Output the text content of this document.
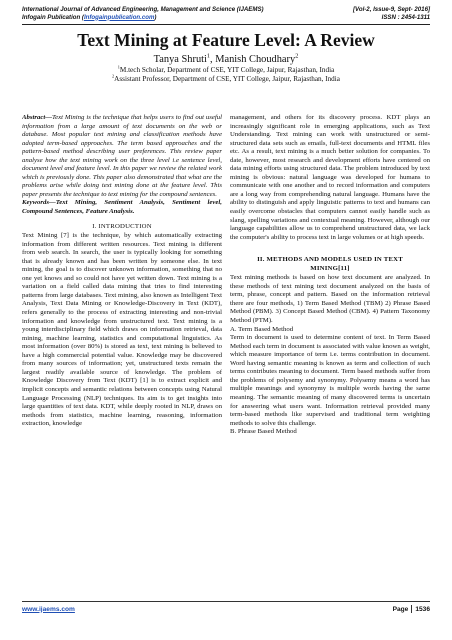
International Journal of Advanced Engineering, Management and Science (IJAEMS)	[Vol-2, Issue-9, Sept- 2016]
Infogain Publication (Infogainpublication.com)	ISSN : 2454-1311
Text Mining at Feature Level: A Review
Tanya Shruti$^1$, Manish Choudhary$^2$
$^1$M.tech Scholar, Department of CSE, YIT College, Jaipur, Rajasthan, India
$^2$Assistant Professor, Department of CSE, YIT College, Jaipur, Rajasthan, India

Abstract—Text Mining is the technique that helps users to find out useful information from a large amount of text documents on the web or database. Most popular text mining and classification methods have adopted term-based approaches. The term based approaches and the pattern-based method describing user preferences. This review paper analyse how the text mining work on the three level i.e sentence level, document level and feature level. In this paper we review the related work which is previously done. This paper also demonstrated that what are the problems arise while doing text mining done at the feature level. This paper presents the technique to text mining for the compound sentences.

Keywords—Text Mining, Sentiment Analysis, Sentiment level, Compound Sentences, Feature Analysis.

I. INTRODUCTION

Text Mining [7] is the technique, by which automatically extracting information from different written resources. Text mining is different from web search. In search, the user is typically looking for something that is already known and has been written by someone else. In text mining, the goal is to discover unknown information, something that no one yet knows and so could not have yet written down. Text mining is a variation on a field called data mining that tries to find interesting patterns from large databases. Text mining, also known as Intelligent Text Analysis, Text Data Mining or Knowledge-Discovery in Text (KDT), refers generally to the process of extracting interesting and non-trivial information and knowledge from unstructured text. Text mining is a young interdisciplinary field which draws on information retrieval, data mining, machine learning, statistics and computational linguistics. As most information (over 80%) is stored as text, text mining is believed to have a high commercial potential value. Knowledge may be discovered from many sources of information; yet, unstructured texts remain the largest readily available source of knowledge. The problem of Knowledge Discovery from Text (KDT) [1] is to extract explicit and implicit concepts and semantic relations between concepts using Natural Language Processing (NLP) techniques. Its aim is to get insights into large quantities of text data. KDT, while deeply rooted in NLP, draws on methods from statistics, machine learning, reasoning, information extraction, knowledge

management, and others for its discovery process. KDT plays an increasingly significant role in emerging applications, such as Text Understanding. Text mining can work with unstructured or semi-structured data sets such as emails, full-text documents and HTML files etc. As a result, text mining is a much better solution for companies. To date, however, most research and development efforts have centered on data mining efforts using structured data. The problem introduced by text mining is obvious: natural language was developed for humans to communicate with one another and to record information and computers are a long way from comprehending natural language. Humans have the ability to distinguish and apply linguistic patterns to text and humans can easily overcome obstacles that computers cannot easily handle such as slang, spelling variations and contextual meaning. However, although our language capabilities allow us to comprehend unstructured data, we lack the computer's ability to process text in large volumes or at high speeds.

II. METHODS AND MODELS USED IN TEXT
MINING[11]

Text mining methods is based on how text document are analyzed. In these methods of text mining text document analyzed on the basis of term, phrase, concept and pattern. Based on the information retrieval there are four methods, 1) Term Based Method (TBM) 2) Phrase Based Method (PBM). 3) Concept Based Method (CBM). 4) Pattern Taxonomy Method (PTM).

A. Term Based Method

Term in document is used to determine content of text. In Term Based Method each term in document is associated with value known as weight, which measure importance of term i.e. terms contribution in document. Word having semantic meaning is known as term and collection of such terms contributes meaning to document. Term based methods suffer from the problems of polysemy and synonymy. Polysemy means a word has multiple meanings and synonymy is multiple words having the same meaning. The semantic meaning of many discovered terms is uncertain for answering what users want. Information retrieval provided many term-based methods like supervised and traditional term weighting methods to solve this challenge.

B. Phrase Based Method

www.ijaems.com	Page 1536
